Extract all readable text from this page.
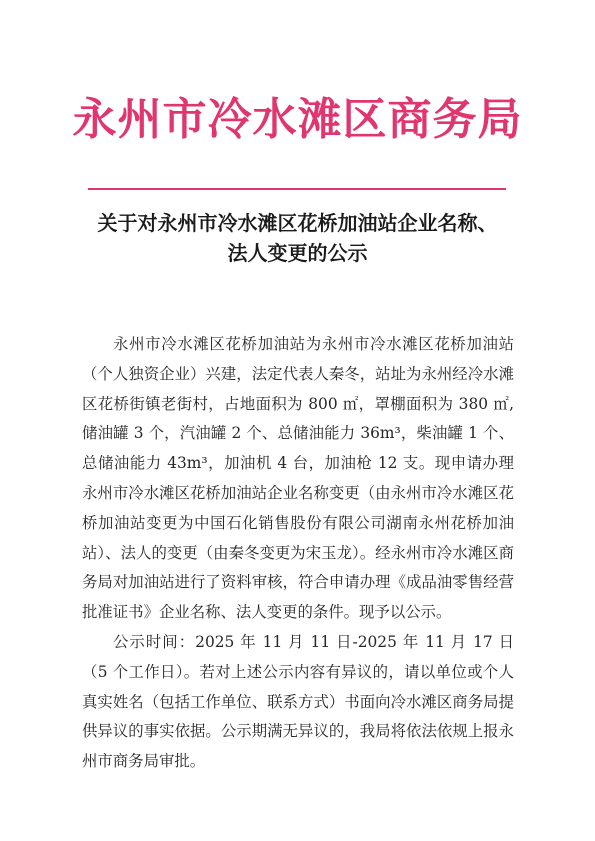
永州市冷水滩区商务局
关于对永州市冷水滩区花桥加油站企业名称、
法人变更的公示

永州市冷水滩区花桥加油站为永州市冷水滩区花桥加油站（个人独资企业）兴建，法定代表人秦冬，站址为永州经冷水滩区花桥街镇老街村，占地面积为 800 ㎡，罩棚面积为 380 ㎡,储油罐 3 个，汽油罐 2 个、总储油能力 36m³，柴油罐 1 个、总储油能力 43m³，加油机 4 台，加油枪 12 支。现申请办理永州市冷水滩区花桥加油站企业名称变更（由永州市冷水滩区花桥加油站变更为中国石化销售股份有限公司湖南永州花桥加油站）、法人的变更（由秦冬变更为宋玉龙）。经永州市冷水滩区商务局对加油站进行了资料审核，符合申请办理《成品油零售经营批准证书》企业名称、法人变更的条件。现予以公示。

公示时间：2025 年 11 月 11 日-2025 年 11 月 17 日（5 个工作日）。若对上述公示内容有异议的，请以单位或个人真实姓名（包括工作单位、联系方式）书面向冷水滩区商务局提供异议的事实依据。公示期满无异议的，我局将依法依规上报永州市商务局审批。
